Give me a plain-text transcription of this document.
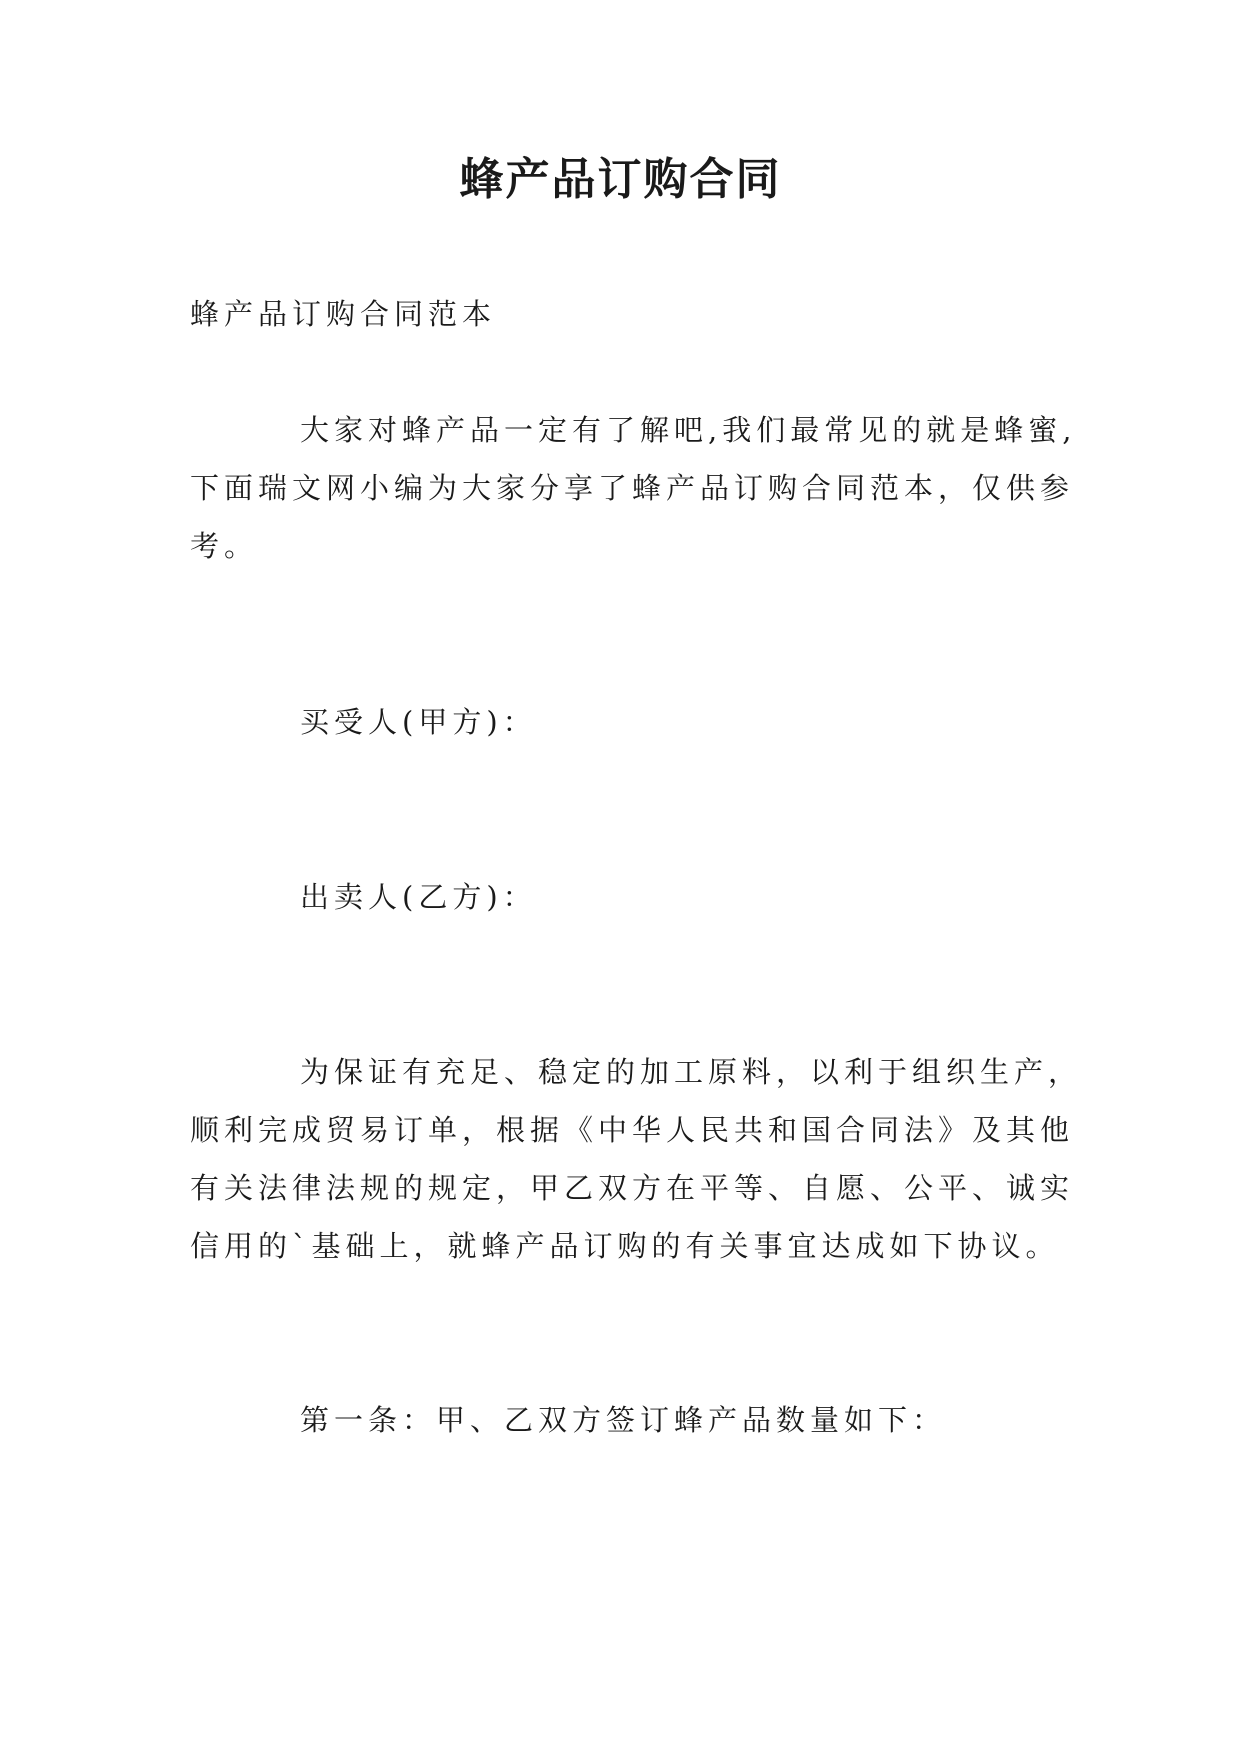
蜂产品订购合同
蜂产品订购合同范本
大家对蜂产品一定有了解吧,我们最常见的就是蜂蜜,
下面瑞文网小编为大家分享了蜂产品订购合同范本，仅供参
考。
买受人(甲方)：
出卖人(乙方)：
为保证有充足、稳定的加工原料，以利于组织生产，
顺利完成贸易订单，根据《中华人民共和国合同法》及其他
有关法律法规的规定，甲乙双方在平等、自愿、公平、诚实
信用的`基础上，就蜂产品订购的有关事宜达成如下协议。
第一条：甲、乙双方签订蜂产品数量如下：
